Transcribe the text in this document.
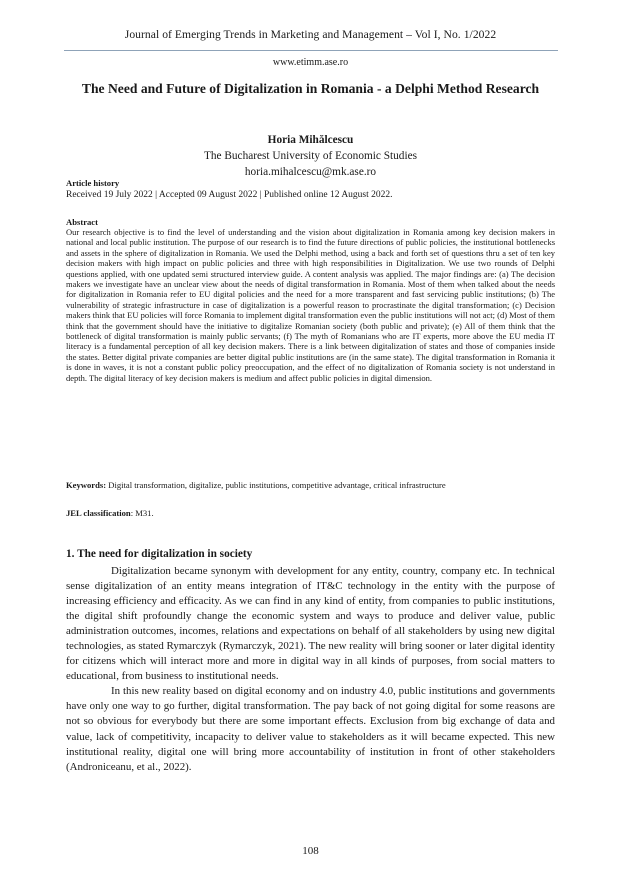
Journal of Emerging Trends in Marketing and Management – Vol I, No. 1/2022
www.etimm.ase.ro
The Need and Future of Digitalization in Romania - a Delphi Method Research
Horia Mihălcescu
The Bucharest University of Economic Studies
horia.mihalcescu@mk.ase.ro
Article history
Received 19 July 2022 | Accepted 09 August 2022 | Published online 12 August 2022.
Abstract
Our research objective is to find the level of understanding and the vision about digitalization in Romania among key decision makers in national and local public institution. The purpose of our research is to find the future directions of public policies, the institutional bottlenecks and assets in the sphere of digitalization in Romania. We used the Delphi method, using a back and forth set of questions thru a set of ten key decision makers with high impact on public policies and three with high responsibilities in Digitalization. We use two rounds of Delphi questions applied, with one updated semi structured interview guide. A content analysis was applied. The major findings are: (a) The decision makers we investigate have an unclear view about the needs of digital transformation in Romania. Most of them when talked about the needs for digitalization in Romania refer to EU digital policies and the need for a more transparent and fast servicing public institutions; (b) The vulnerability of strategic infrastructure in case of digitalization is a powerful reason to procrastinate the digital transformation; (c) Decision makers think that EU policies will force Romania to implement digital transformation even the public institutions will not act; (d) Most of them think that the government should have the initiative to digitalize Romanian society (both public and private); (e) All of them think that the bottleneck of digital transformation is mainly public servants; (f) The myth of Romanians who are IT experts, more above the EU media IT literacy is a fundamental perception of all key decision makers. There is a link between digitalization of states and those of companies inside the states. Better digital private companies are better digital public institutions are (in the same state). The digital transformation in Romania it is done in waves, it is not a constant public policy preoccupation, and the effect of no digitalization of Romania society is not understand in depth. The digital literacy of key decision makers is medium and affect public policies in digital dimension.
Keywords: Digital transformation, digitalize, public institutions, competitive advantage, critical infrastructure
JEL classification: M31.
1. The need for digitalization in society

Digitalization became synonym with development for any entity, country, company etc. In technical sense digitalization of an entity means integration of IT&C technology in the entity with the purpose of increasing efficiency and efficacity. As we can find in any kind of entity, from companies to public institutions, the digital shift profoundly change the economic system and ways to produce and deliver value, public administration outcomes, incomes, relations and expectations on behalf of all stakeholders by using new digital technologies, as stated Rymarczyk (Rymarczyk, 2021). The new reality will bring sooner or later digital identity for citizens which will interact more and more in digital way in all kinds of purposes, from social matters to educational, from business to institutional needs.

In this new reality based on digital economy and on industry 4.0, public institutions and governments have only one way to go further, digital transformation. The pay back of not going digital for some reasons are not so obvious for everybody but there are some important effects. Exclusion from big exchange of data and value, lack of competitivity, incapacity to deliver value to stakeholders as it will became expected. This new institutional reality, digital one will bring more accountability of institution in front of other stakeholders (Androniceanu, et al., 2022).

108
